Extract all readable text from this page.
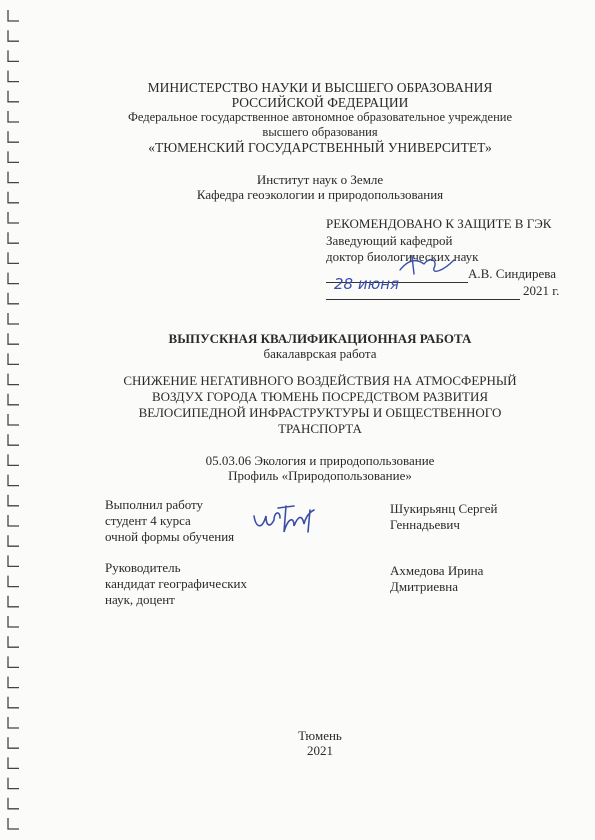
МИНИСТЕРСТВО НАУКИ И ВЫСШЕГО ОБРАЗОВАНИЯ
РОССИЙСКОЙ ФЕДЕРАЦИИ
Федеральное государственное автономное образовательное учреждение
высшего образования
«ТЮМЕНСКИЙ ГОСУДАРСТВЕННЫЙ УНИВЕРСИТЕТ»
Институт наук о Земле
Кафедра геоэкологии и природопользования
РЕКОМЕНДОВАНО К ЗАЩИТЕ В ГЭК
Заведующий кафедрой
доктор биологических наук
А.В. Синдирева
2021 г.
28 июня
ВЫПУСКНАЯ КВАЛИФИКАЦИОННАЯ РАБОТА
бакалаврская работа
СНИЖЕНИЕ НЕГАТИВНОГО ВОЗДЕЙСТВИЯ НА АТМОСФЕРНЫЙ
ВОЗДУХ ГОРОДА ТЮМЕНЬ ПОСРЕДСТВОМ РАЗВИТИЯ
ВЕЛОСИПЕДНОЙ ИНФРАСТРУКТУРЫ И ОБЩЕСТВЕННОГО
ТРАНСПОРТА
05.03.06 Экология и природопользование
Профиль «Природопользование»
Выполнил работу
студент 4 курса
очной формы обучения
Шукирьянц Сергей
Геннадьевич
Руководитель
кандидат географических
наук, доцент
Ахмедова Ирина
Дмитриевна
Тюмень
2021
